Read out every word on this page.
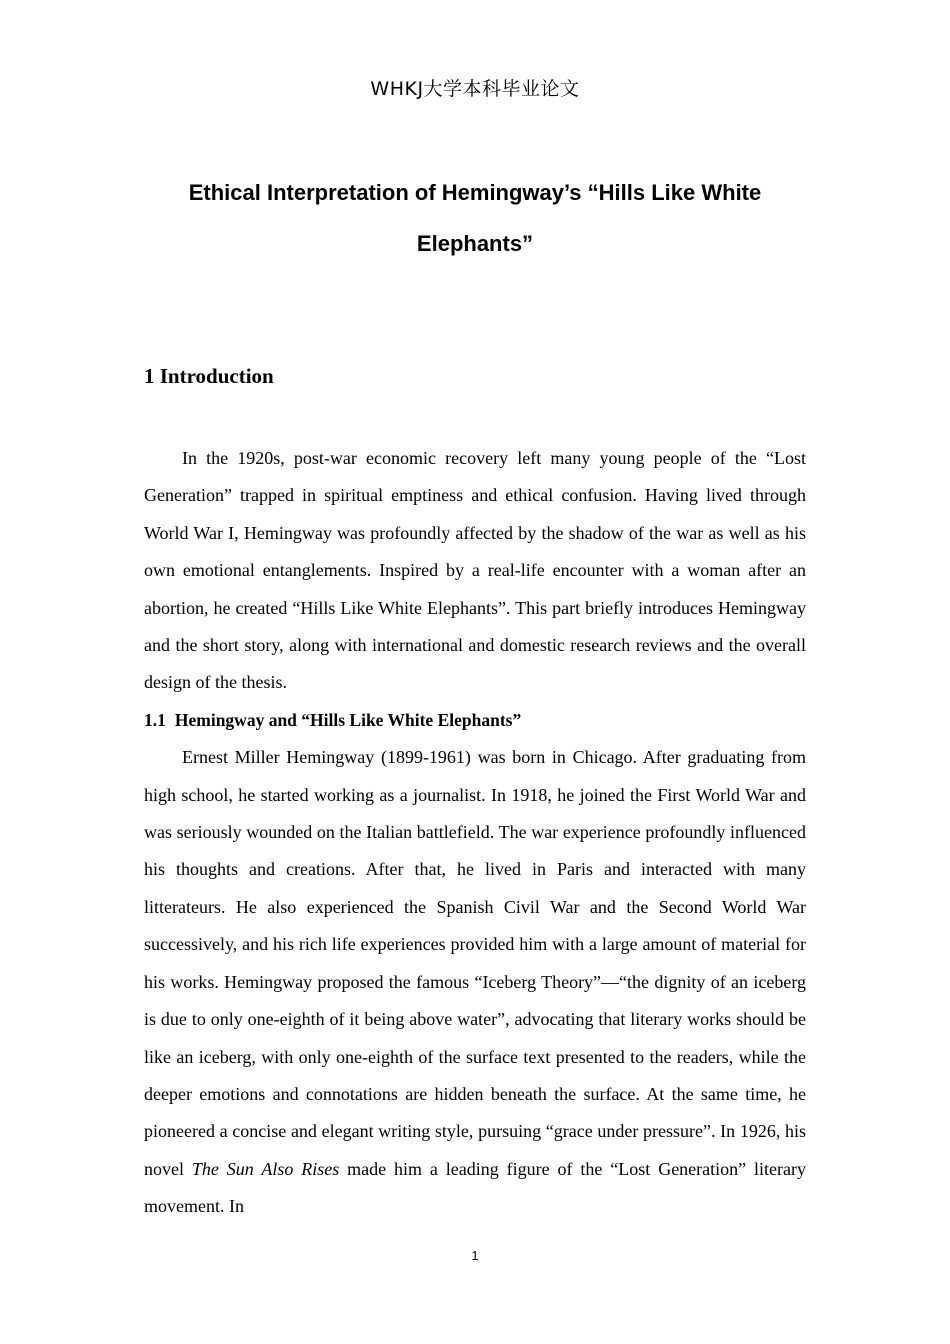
WHKJ大学本科毕业论文
Ethical Interpretation of Hemingway’s “Hills Like White
Elephants”
1 Introduction

In the 1920s, post-war economic recovery left many young people of the “Lost Generation” trapped in spiritual emptiness and ethical confusion. Having lived through World War I, Hemingway was profoundly affected by the shadow of the war as well as his own emotional entanglements. Inspired by a real-life encounter with a woman after an abortion, he created “Hills Like White Elephants”. This part briefly introduces Hemingway and the short story, along with international and domestic research reviews and the overall design of the thesis.

1.1 Hemingway and “Hills Like White Elephants”

Ernest Miller Hemingway (1899-1961) was born in Chicago. After graduating from high school, he started working as a journalist. In 1918, he joined the First World War and was seriously wounded on the Italian battlefield. The war experience profoundly influenced his thoughts and creations. After that, he lived in Paris and interacted with many litterateurs. He also experienced the Spanish Civil War and the Second World War successively, and his rich life experiences provided him with a large amount of material for his works. Hemingway proposed the famous “Iceberg Theory”—“the dignity of an iceberg is due to only one-eighth of it being above water”, advocating that literary works should be like an iceberg, with only one-eighth of the surface text presented to the readers, while the deeper emotions and connotations are hidden beneath the surface. At the same time, he pioneered a concise and elegant writing style, pursuing “grace under pressure”. In 1926, his novel The Sun Also Rises made him a leading figure of the “Lost Generation” literary movement. In

1
